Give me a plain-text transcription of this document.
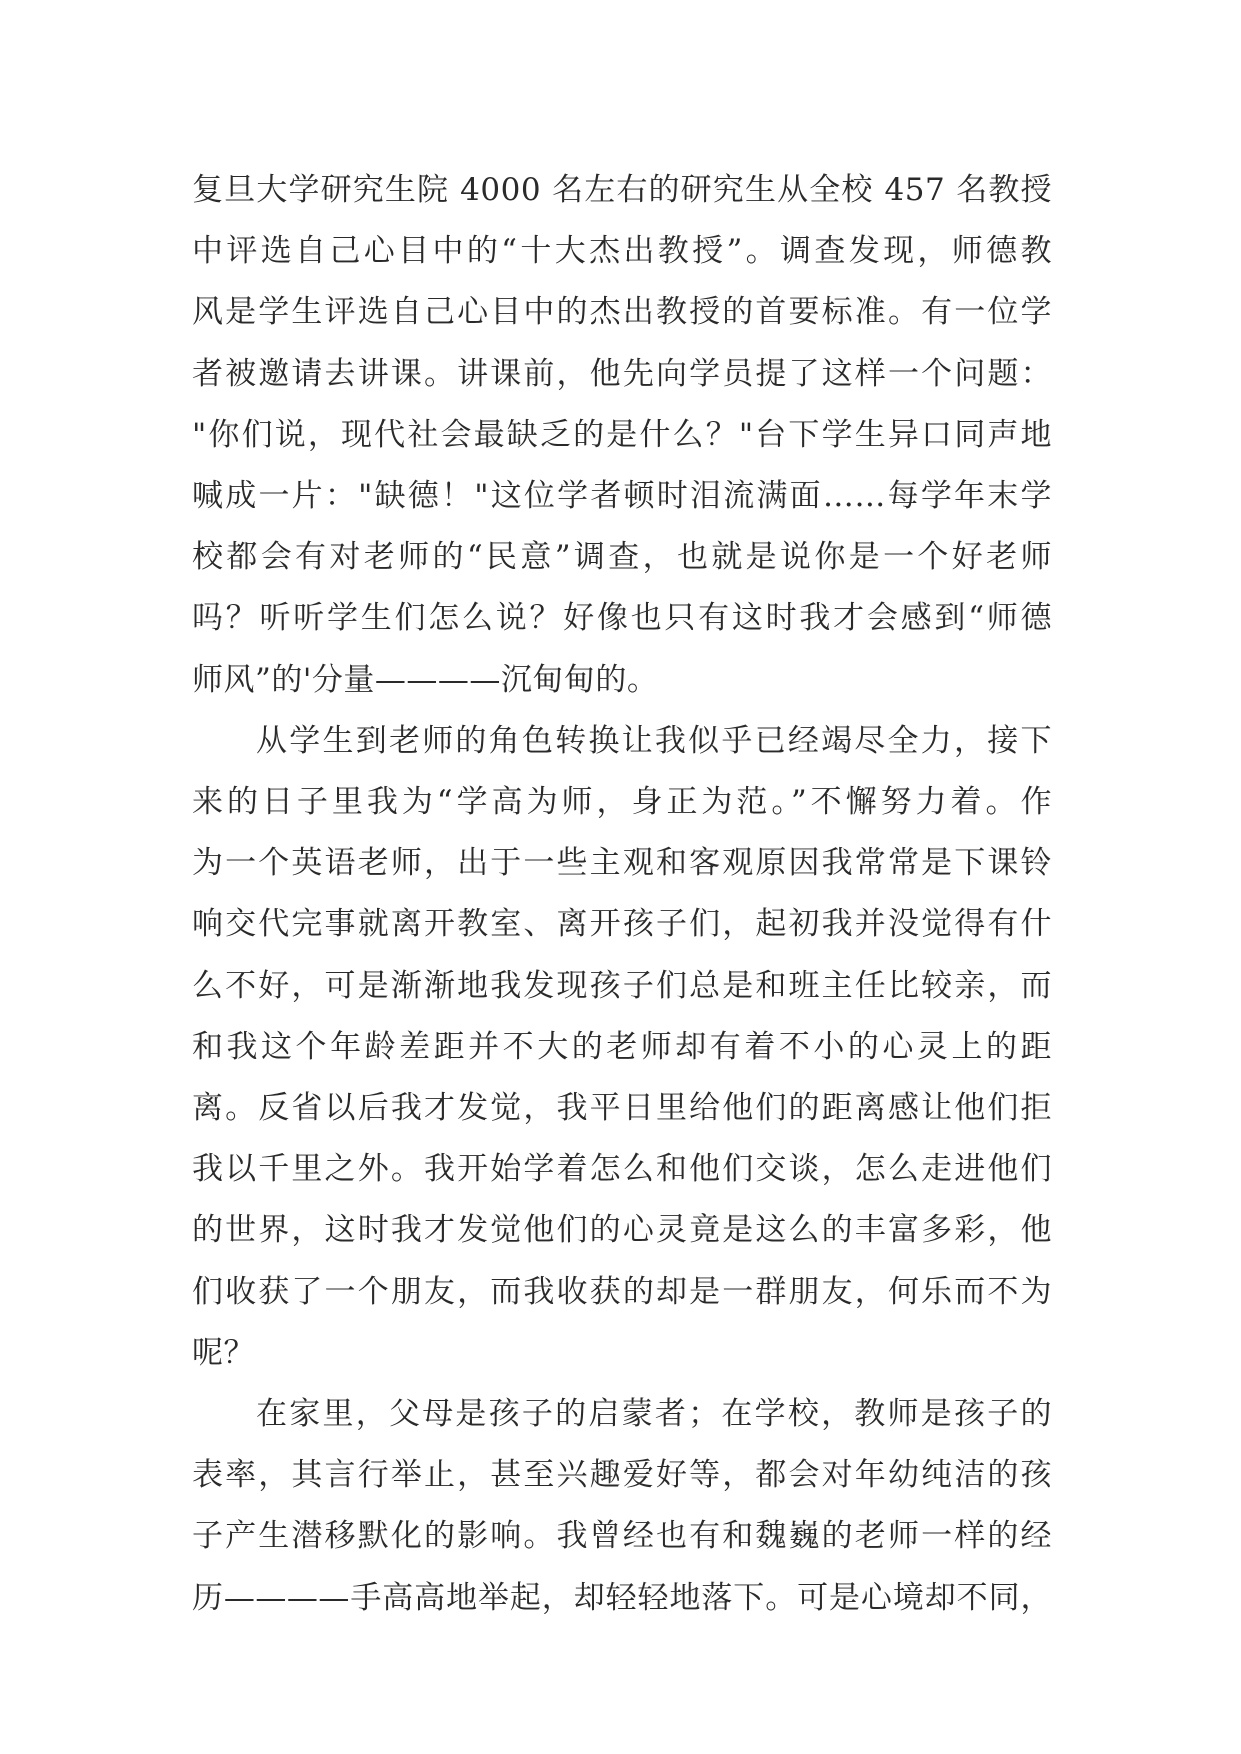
复旦大学研究生院 4000 名左右的研究生从全校 457 名教授
中评选自己心目中的“十大杰出教授”。调查发现，师德教
风是学生评选自己心目中的杰出教授的首要标准。有一位学
者被邀请去讲课。讲课前，他先向学员提了这样一个问题：
"你们说，现代社会最缺乏的是什么？"台下学生异口同声地
喊成一片："缺德！"这位学者顿时泪流满面……每学年末学
校都会有对老师的“民意”调查，也就是说你是一个好老师
吗？听听学生们怎么说？好像也只有这时我才会感到“师德
师风”的'分量————沉甸甸的。
从学生到老师的角色转换让我似乎已经竭尽全力，接下
来的日子里我为“学高为师，身正为范。”不懈努力着。作
为一个英语老师，出于一些主观和客观原因我常常是下课铃
响交代完事就离开教室、离开孩子们，起初我并没觉得有什
么不好，可是渐渐地我发现孩子们总是和班主任比较亲，而
和我这个年龄差距并不大的老师却有着不小的心灵上的距
离。反省以后我才发觉，我平日里给他们的距离感让他们拒
我以千里之外。我开始学着怎么和他们交谈，怎么走进他们
的世界，这时我才发觉他们的心灵竟是这么的丰富多彩，他
们收获了一个朋友，而我收获的却是一群朋友，何乐而不为
呢？
在家里，父母是孩子的启蒙者；在学校，教师是孩子的
表率，其言行举止，甚至兴趣爱好等，都会对年幼纯洁的孩
子产生潜移默化的影响。我曾经也有和魏巍的老师一样的经
历————手高高地举起，却轻轻地落下。可是心境却不同，
